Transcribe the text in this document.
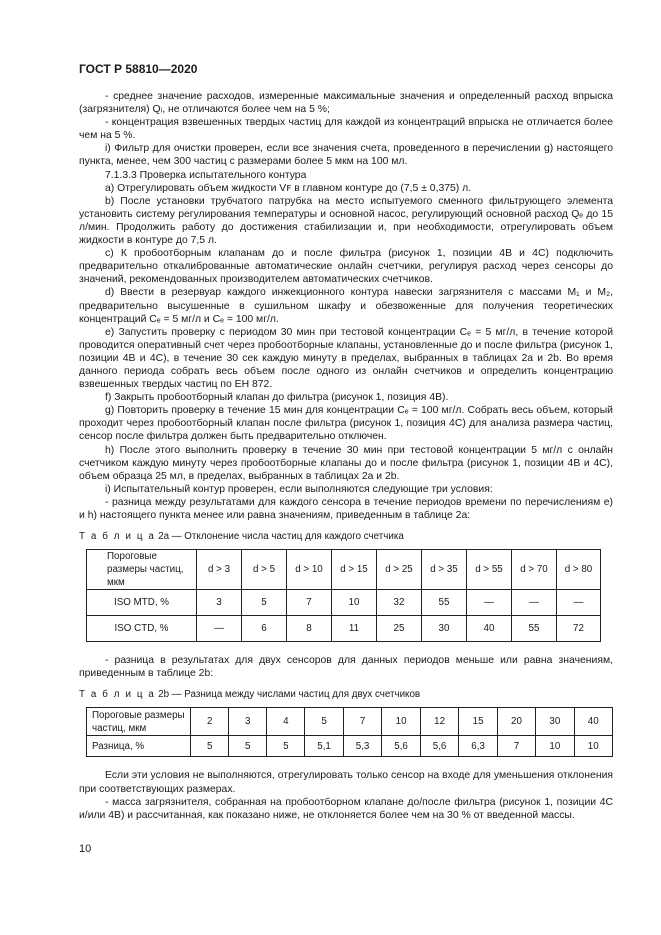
ГОСТ Р 58810—2020

- среднее значение расходов, измеренные максимальные значения и определенный расход впрыска (загрязнителя) Qᵢ, не отличаются более чем на 5 %;

- концентрация взвешенных твердых частиц для каждой из концентраций впрыска не отличается более чем на 5 %.

i) Фильтр для очистки проверен, если все значения счета, проведенного в перечислении g) настоящего пункта, менее, чем 300 частиц с размерами более 5 мкм на 100 мл.

7.1.3.3 Проверка испытательного контура

a) Отрегулировать объем жидкости Vꜰ в главном контуре до (7,5 ± 0,375) л.

b) После установки трубчатого патрубка на место испытуемого сменного фильтрующего элемента установить систему регулирования температуры и основной насос, регулирующий основной расход Qₑ до 15 л/мин. Продолжить работу до достижения стабилизации и, при необходимости, отрегулировать объем жидкости в контуре до 7,5 л.

c) К пробоотборным клапанам до и после фильтра (рисунок 1, позиции 4B и 4C) подключить предварительно откалиброванные автоматические онлайн счетчики, регулируя расход через сенсоры до значений, рекомендованных производителем автоматических счетчиков.

d) Ввести в резервуар каждого инжекционного контура навески загрязнителя с массами M₁ и M₂, предварительно высушенные в сушильном шкафу и обезвоженные для получения теоретических концентраций Cₑ = 5 мг/л и Cₑ = 100 мг/л.

e) Запустить проверку с периодом 30 мин при тестовой концентрации Cₑ = 5 мг/л, в течение которой проводится оперативный счет через пробоотборные клапаны, установленные до и после фильтра (рисунок 1, позиции 4B и 4C), в течение 30 сек каждую минуту в пределах, выбранных в таблицах 2a и 2b. Во время данного периода собрать весь объем после одного из онлайн счетчиков и определить концентрацию взвешенных твердых частиц по ЕН 872.

f) Закрыть пробоотборный клапан до фильтра (рисунок 1, позиция 4B).

g) Повторить проверку в течение 15 мин для концентрации Cₑ = 100 мг/л. Собрать весь объем, который проходит через пробоотборный клапан после фильтра (рисунок 1, позиция 4C) для анализа размера частиц, сенсор после фильтра должен быть предварительно отключен.

h) После этого выполнить проверку в течение 30 мин при тестовой концентрации 5 мг/л с онлайн счетчиком каждую минуту через пробоотборные клапаны до и после фильтра (рисунок 1, позиции 4B и 4C), объем образца 25 мл, в пределах, выбранных в таблицах 2a и 2b.

i) Испытательный контур проверен, если выполняются следующие три условия:

- разница между результатами для каждого сенсора в течение периодов времени по перечислениям e) и h) настоящего пункта менее или равна значениям, приведенным в таблице 2a:

Т а б л и ц а 2a — Отклонение числа частиц для каждого счетчика

Пороговые размеры частиц, мкм	d > 3	d > 5	d > 10	d > 15	d > 25	d > 35	d > 55	d > 70	d > 80
ISO MTD, %	3	5	7	10	32	55	—	—	—
ISO CTD, %	—	6	8	11	25	30	40	55	72

- разница в результатах для двух сенсоров для данных периодов меньше или равна значениям, приведенным в таблице 2b:

Т а б л и ц а 2b — Разница между числами частиц для двух счетчиков

Пороговые размеры частиц, мкм	2	3	4	5	7	10	12	15	20	30	40
Разница, %	5	5	5	5,1	5,3	5,6	5,6	6,3	7	10	10

Если эти условия не выполняются, отрегулировать только сенсор на входе для уменьшения отклонения при соответствующих размерах.

- масса загрязнителя, собранная на пробоотборном клапане до/после фильтра (рисунок 1, позиции 4C и/или 4B) и рассчитанная, как показано ниже, не отклоняется более чем на 30 % от введенной массы.

10
